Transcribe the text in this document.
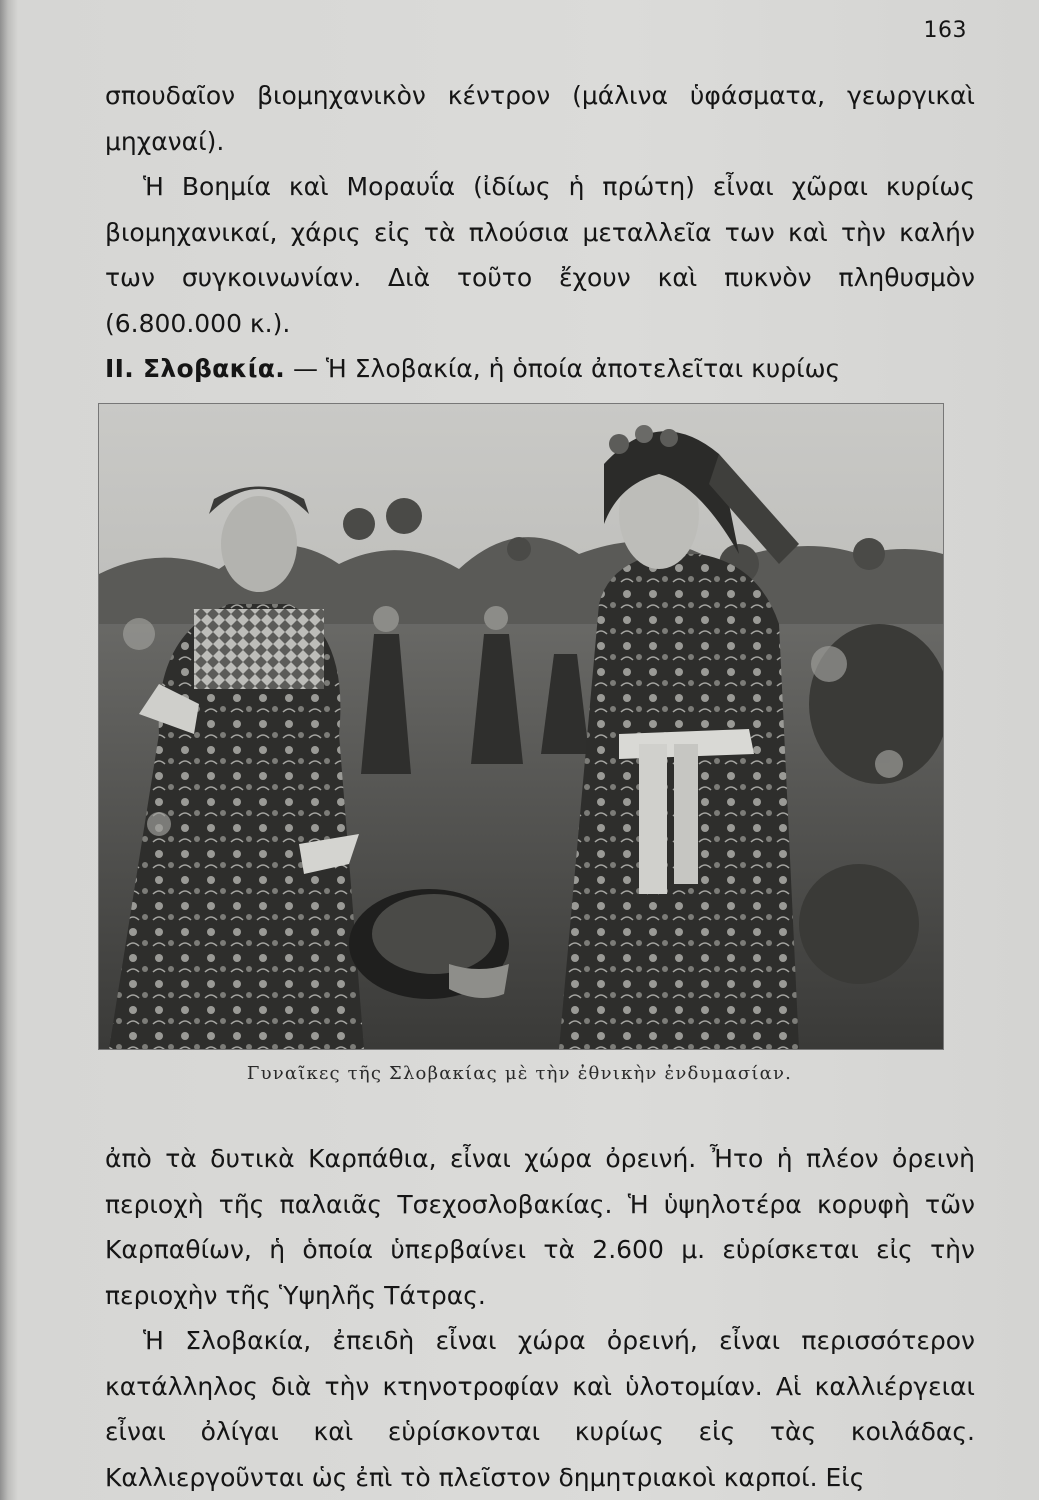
163

σπουδαῖον βιομηχανικὸν κέντρον (μάλινα ὑφάσματα, γεωργικαὶ μηχαναί).

Ἡ Βοημία καὶ Μοραυΐα (ἰδίως ἡ πρώτη) εἶναι χῶραι κυρίως βιομηχανικαί, χάρις εἰς τὰ πλούσια μεταλλεῖα των καὶ τὴν καλήν των συγκοινωνίαν. Διὰ τοῦτο ἔχουν καὶ πυκνὸν πληθυσμὸν (6.800.000 κ.).

II. Σλοβακία. — Ἡ Σλοβακία, ἡ ὁποία ἀποτελεῖται κυρίως

Γυναῖκες τῆς Σλοβακίας μὲ τὴν ἐθνικὴν ἐνδυμασίαν.

ἀπὸ τὰ δυτικὰ Καρπάθια, εἶναι χώρα ὀρεινή. Ἦτο ἡ πλέον ὀρεινὴ περιοχὴ τῆς παλαιᾶς Τσεχοσλοβακίας. Ἡ ὑψηλοτέρα κορυφὴ τῶν Καρπαθίων, ἡ ὁποία ὑπερβαίνει τὰ 2.600 μ. εὑρίσκεται εἰς τὴν περιοχὴν τῆς Ὑψηλῆς Τάτρας.

Ἡ Σλοβακία, ἐπειδὴ εἶναι χώρα ὀρεινή, εἶναι περισσότερον κατάλληλος διὰ τὴν κτηνοτροφίαν καὶ ὑλοτομίαν. Αἱ καλλιέργειαι εἶναι ὀλίγαι καὶ εὑρίσκονται κυρίως εἰς τὰς κοιλάδας. Καλλιεργοῦνται ὡς ἐπὶ τὸ πλεῖστον δημητριακοὶ καρποί. Εἰς
